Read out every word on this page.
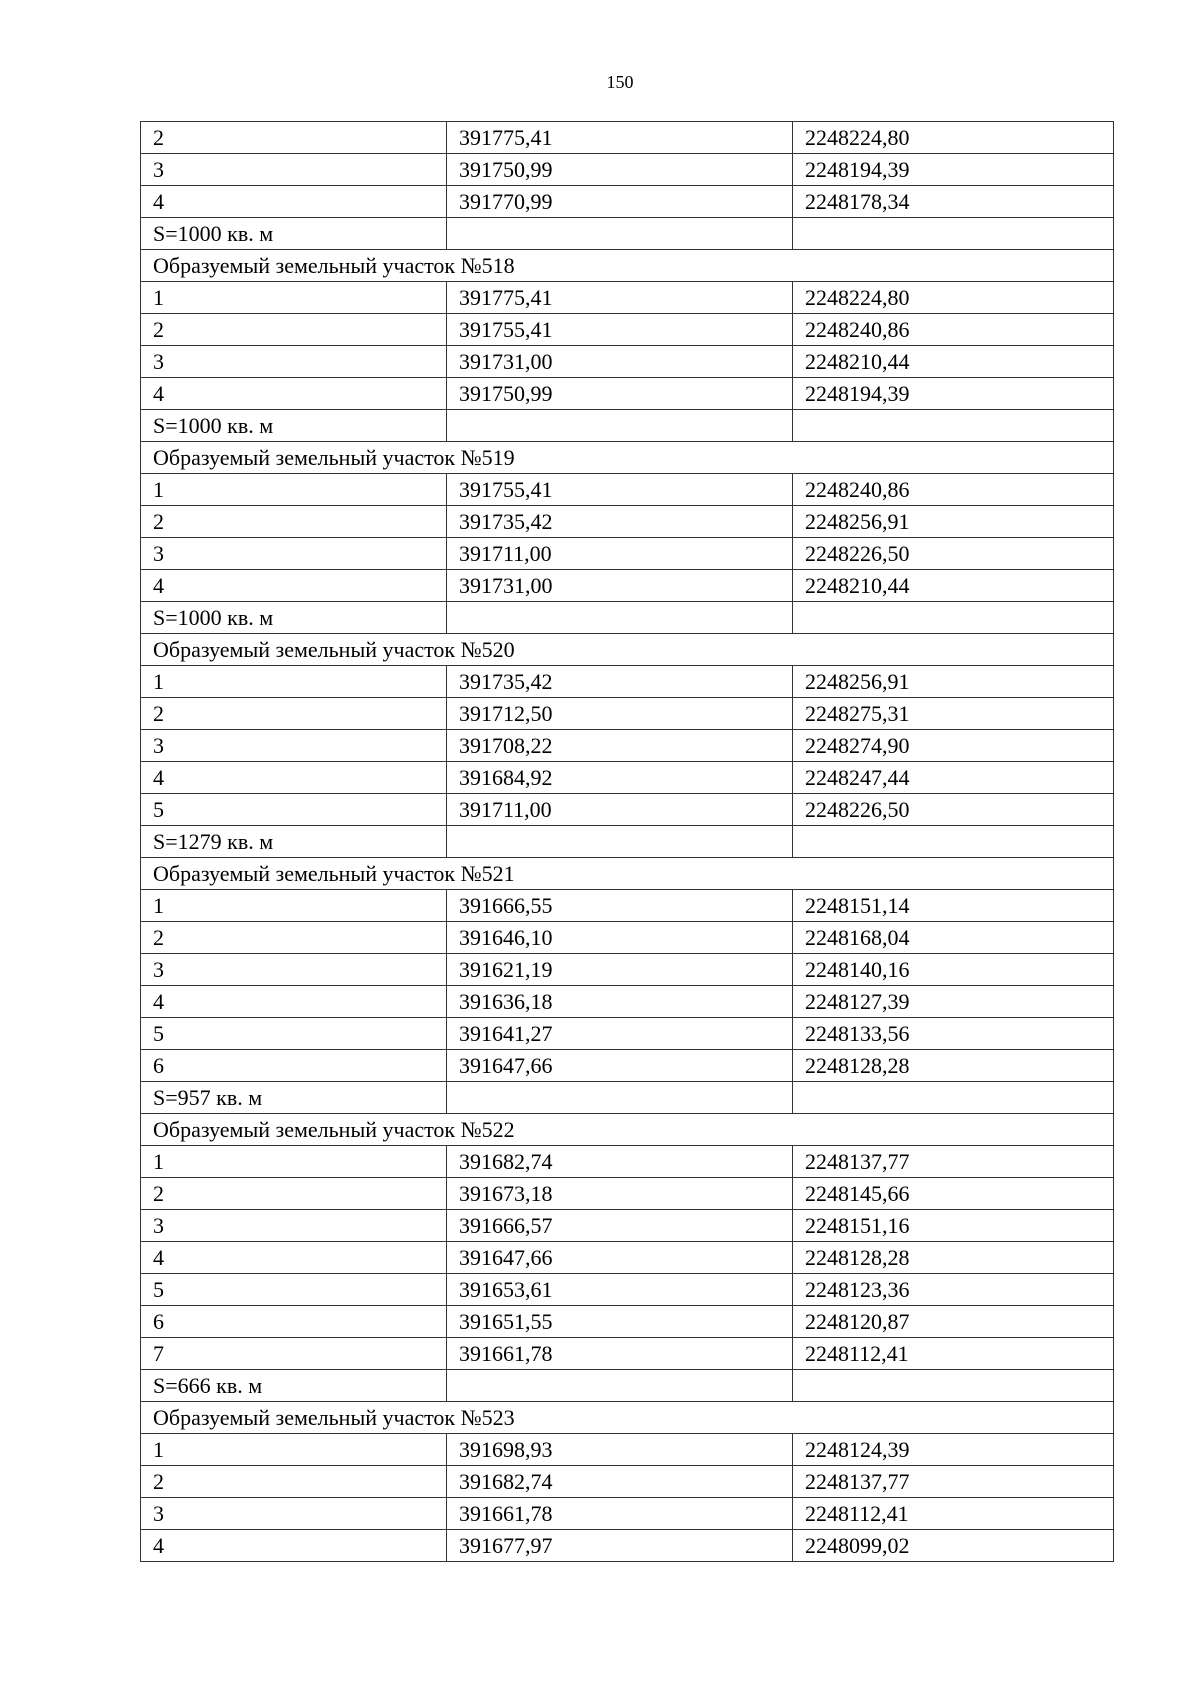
150
2	391775,41	2248224,80
3	391750,99	2248194,39
4	391770,99	2248178,34
S=1000 кв. м		
Образуемый земельный участок №518		
1	391775,41	2248224,80
2	391755,41	2248240,86
3	391731,00	2248210,44
4	391750,99	2248194,39
S=1000 кв. м		
Образуемый земельный участок №519		
1	391755,41	2248240,86
2	391735,42	2248256,91
3	391711,00	2248226,50
4	391731,00	2248210,44
S=1000 кв. м		
Образуемый земельный участок №520		
1	391735,42	2248256,91
2	391712,50	2248275,31
3	391708,22	2248274,90
4	391684,92	2248247,44
5	391711,00	2248226,50
S=1279 кв. м		
Образуемый земельный участок №521		
1	391666,55	2248151,14
2	391646,10	2248168,04
3	391621,19	2248140,16
4	391636,18	2248127,39
5	391641,27	2248133,56
6	391647,66	2248128,28
S=957 кв. м		
Образуемый земельный участок №522		
1	391682,74	2248137,77
2	391673,18	2248145,66
3	391666,57	2248151,16
4	391647,66	2248128,28
5	391653,61	2248123,36
6	391651,55	2248120,87
7	391661,78	2248112,41
S=666 кв. м		
Образуемый земельный участок №523		
1	391698,93	2248124,39
2	391682,74	2248137,77
3	391661,78	2248112,41
4	391677,97	2248099,02
